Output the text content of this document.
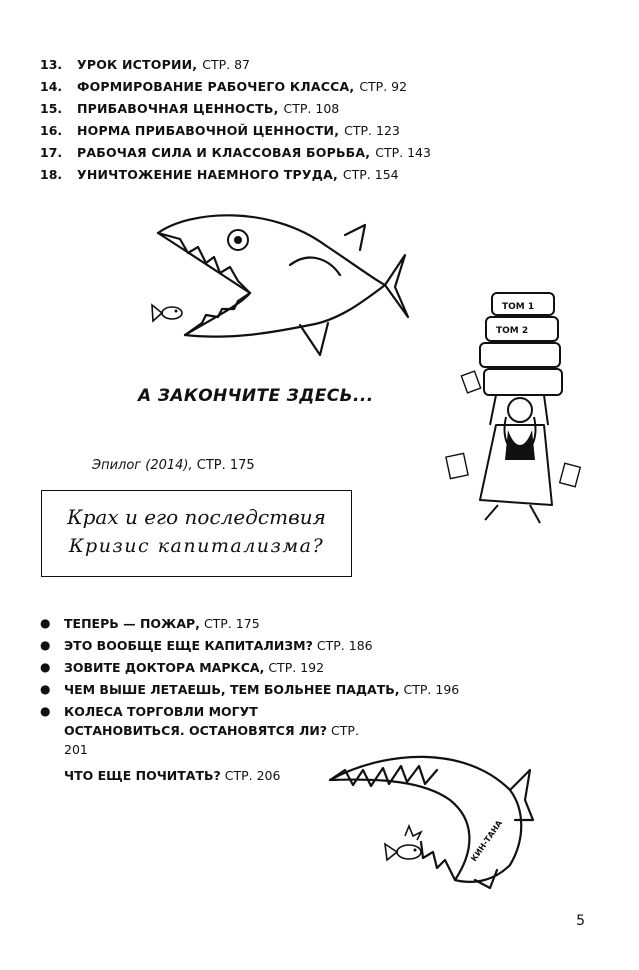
13.	УРОК ИСТОРИИ, СТР. 87
14.	ФОРМИРОВАНИЕ РАБОЧЕГО КЛАССА, СТР. 92
15.	ПРИБАВОЧНАЯ ЦЕННОСТЬ, СТР. 108
16.	НОРМА ПРИБАВОЧНОЙ ЦЕННОСТИ, СТР. 123
17.	РАБОЧАЯ СИЛА И КЛАССОВАЯ БОРЬБА, СТР. 143
18.	УНИЧТОЖЕНИЕ НАЕМНОГО ТРУДА, СТР. 154
А ЗАКОНЧИТЕ ЗДЕСЬ...
ТОМ 1
ТОМ 2
Эпилог (2014), СТР. 175
Крах и его последствия
Кризис капитализма?
●	ТЕПЕРЬ — ПОЖАР, СТР. 175
●	ЭТО ВООБЩЕ ЕЩЕ КАПИТАЛИЗМ? СТР. 186
●	ЗОВИТЕ ДОКТОРА МАРКСА, СТР. 192
●	ЧЕМ ВЫШЕ ЛЕТАЕШЬ, ТЕМ БОЛЬНЕЕ ПАДАТЬ, СТР. 196
●	КОЛЕСА ТОРГОВЛИ МОГУТ ОСТАНОВИТЬСЯ. ОСТАНОВЯТСЯ ЛИ? СТР. 201
ЧТО ЕЩЕ ПОЧИТАТЬ? СТР. 206
КИН-ТАНА
5
